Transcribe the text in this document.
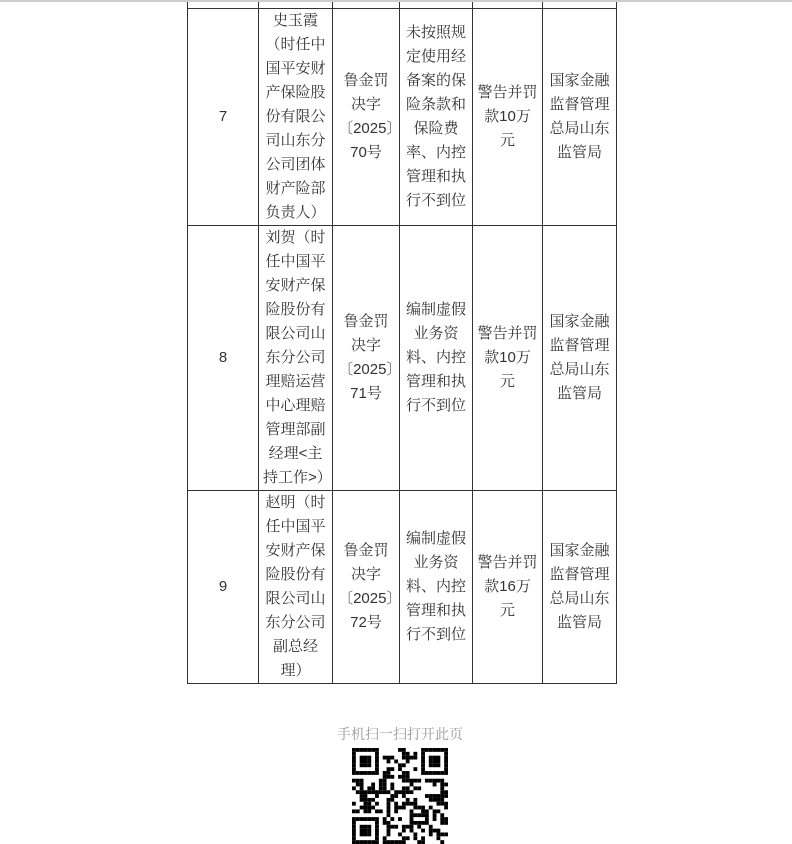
7	史玉霞（时任中国平安财产保险股份有限公司山东分公司团体财产险部负责人）	鲁金罚决字〔2025〕70号	未按照规定使用经备案的保险条款和保险费率、内控管理和执行不到位	警告并罚款10万元	国家金融监督管理总局山东监管局
8	刘贺（时任中国平安财产保险股份有限公司山东分公司理赔运营中心理赔管理部副经理<主持工作>）	鲁金罚决字〔2025〕71号	编制虚假业务资料、内控管理和执行不到位	警告并罚款10万元	国家金融监督管理总局山东监管局
9	赵明（时任中国平安财产保险股份有限公司山东分公司副总经理）	鲁金罚决字〔2025〕72号	编制虚假业务资料、内控管理和执行不到位	警告并罚款16万元	国家金融监督管理总局山东监管局
手机扫一扫打开此页
